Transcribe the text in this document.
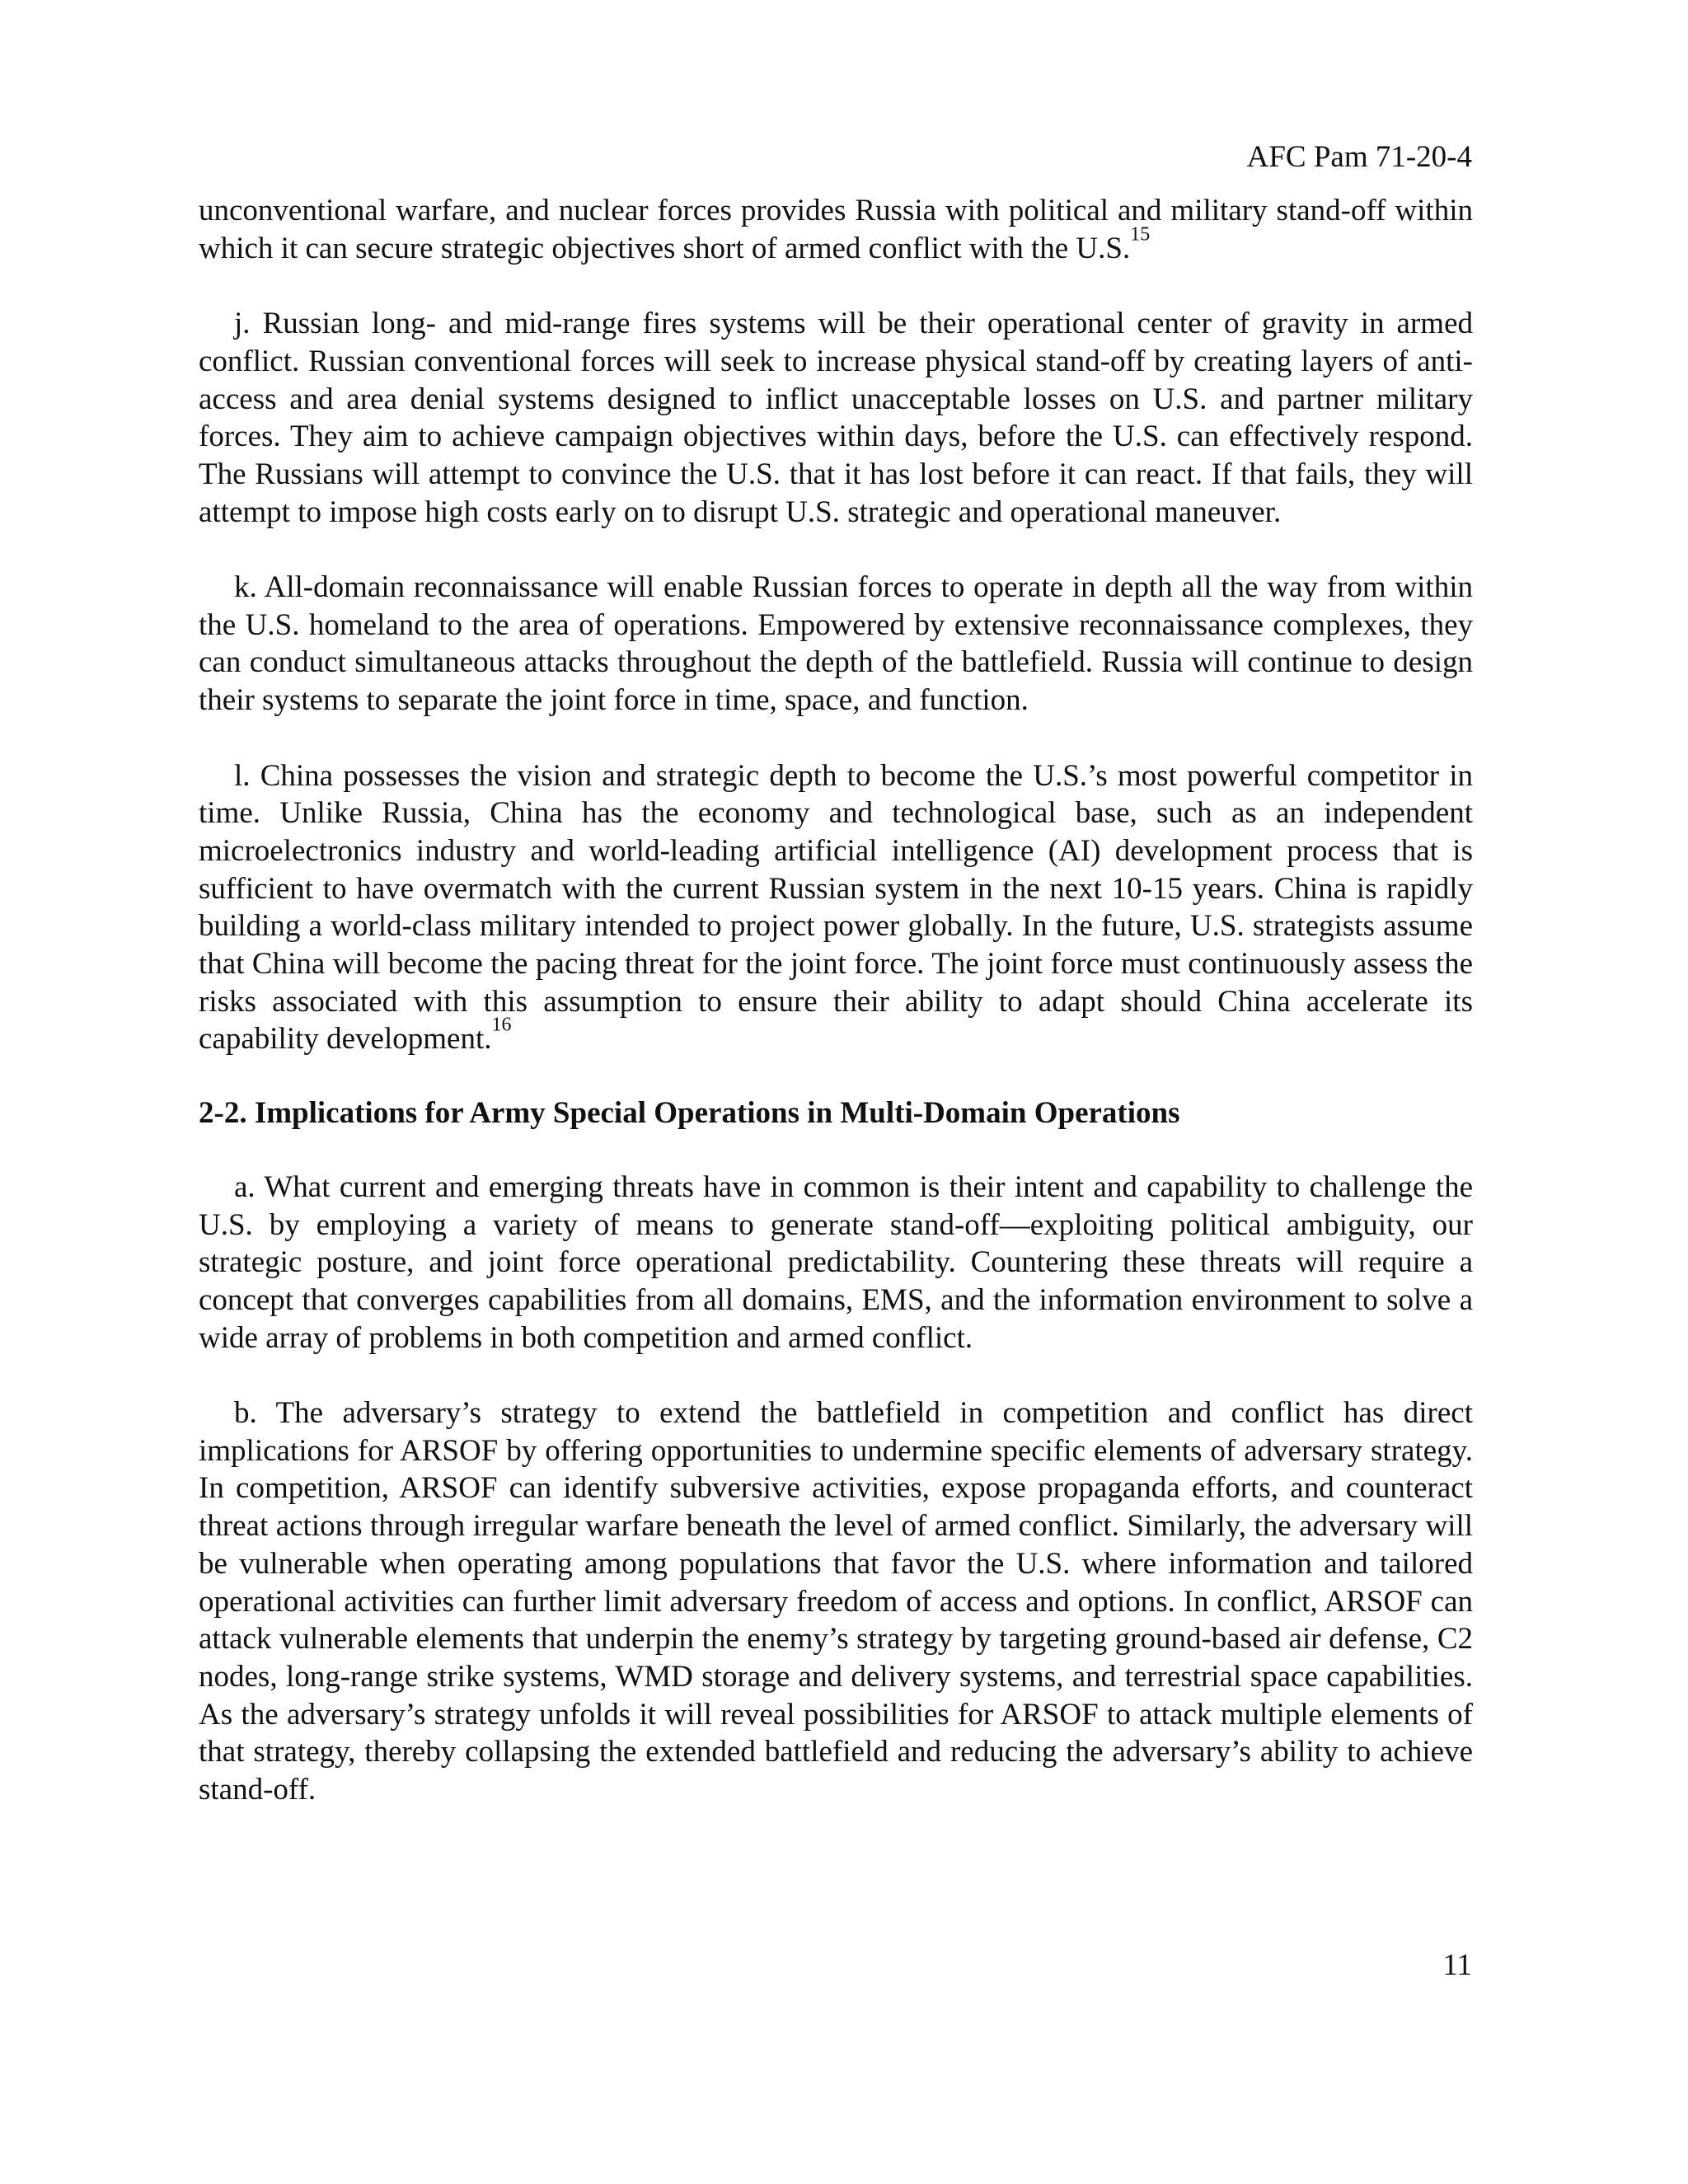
AFC Pam 71-20-4

unconventional warfare, and nuclear forces provides Russia with political and military stand-off within which it can secure strategic objectives short of armed conflict with the U.S.$^{15}$

j. Russian long- and mid-range fires systems will be their operational center of gravity in armed conflict. Russian conventional forces will seek to increase physical stand-off by creating layers of anti-access and area denial systems designed to inflict unacceptable losses on U.S. and partner military forces. They aim to achieve campaign objectives within days, before the U.S. can effectively respond. The Russians will attempt to convince the U.S. that it has lost before it can react. If that fails, they will attempt to impose high costs early on to disrupt U.S. strategic and operational maneuver.

k. All-domain reconnaissance will enable Russian forces to operate in depth all the way from within the U.S. homeland to the area of operations. Empowered by extensive reconnaissance complexes, they can conduct simultaneous attacks throughout the depth of the battlefield. Russia will continue to design their systems to separate the joint force in time, space, and function.

l. China possesses the vision and strategic depth to become the U.S.’s most powerful competitor in time. Unlike Russia, China has the economy and technological base, such as an independent microelectronics industry and world-leading artificial intelligence (AI) development process that is sufficient to have overmatch with the current Russian system in the next 10-15 years. China is rapidly building a world-class military intended to project power globally. In the future, U.S. strategists assume that China will become the pacing threat for the joint force. The joint force must continuously assess the risks associated with this assumption to ensure their ability to adapt should China accelerate its capability development.$^{16}$

2-2. Implications for Army Special Operations in Multi-Domain Operations

a. What current and emerging threats have in common is their intent and capability to challenge the U.S. by employing a variety of means to generate stand-off—exploiting political ambiguity, our strategic posture, and joint force operational predictability. Countering these threats will require a concept that converges capabilities from all domains, EMS, and the information environment to solve a wide array of problems in both competition and armed conflict.

b. The adversary’s strategy to extend the battlefield in competition and conflict has direct implications for ARSOF by offering opportunities to undermine specific elements of adversary strategy. In competition, ARSOF can identify subversive activities, expose propaganda efforts, and counteract threat actions through irregular warfare beneath the level of armed conflict. Similarly, the adversary will be vulnerable when operating among populations that favor the U.S. where information and tailored operational activities can further limit adversary freedom of access and options. In conflict, ARSOF can attack vulnerable elements that underpin the enemy’s strategy by targeting ground-based air defense, C2 nodes, long-range strike systems, WMD storage and delivery systems, and terrestrial space capabilities. As the adversary’s strategy unfolds it will reveal possibilities for ARSOF to attack multiple elements of that strategy, thereby collapsing the extended battlefield and reducing the adversary’s ability to achieve stand-off.

11
